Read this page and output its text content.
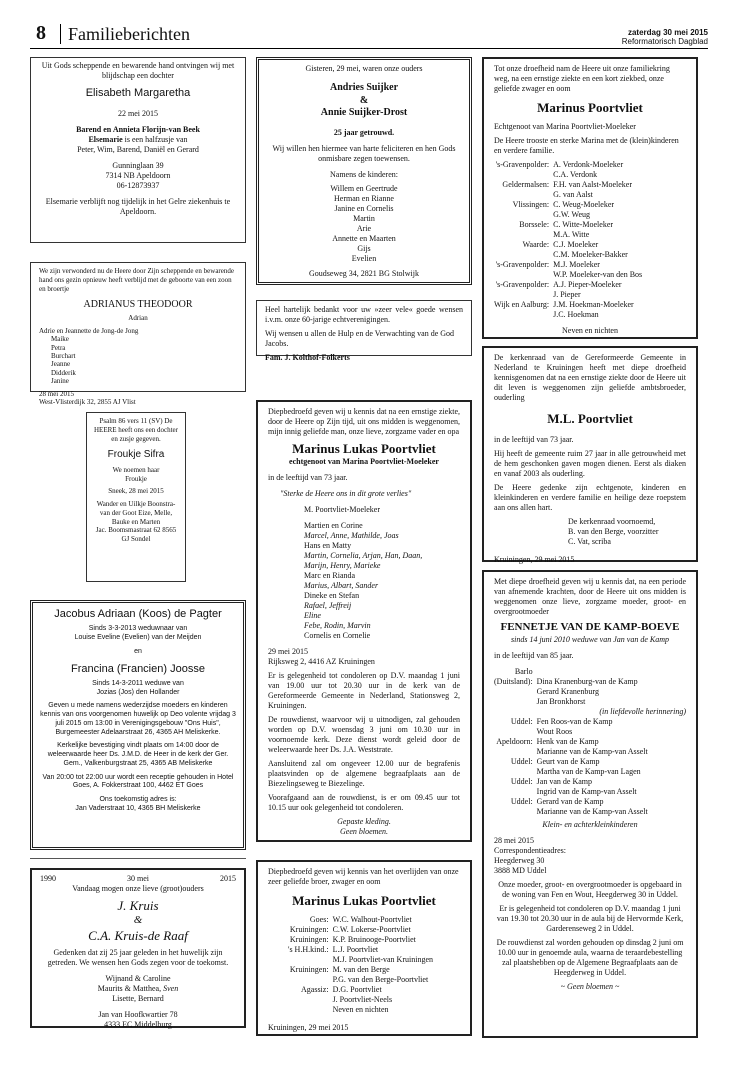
8 Familieberichten	zaterdag 30 mei 2015
Reformatorisch Dagblad
Uit Gods scheppende en bewarende hand ontvingen wij met blijdschap een dochter
Elisabeth Margaretha
22 mei 2015
Barend en Annieta Florijn-van Beek
Elsemarie is een halfzusje van
Peter, Wim, Barend, Daniël en Gerard
Gunninglaan 39
7314 NB Apeldoorn
06-12873937
Elsemarie verblijft nog tijdelijk in het Gelre ziekenhuis te Apeldoorn.
We zijn verwonderd nu de Heere door Zijn scheppende en bewarende hand ons gezin opnieuw heeft verblijd met de geboorte van een zoon en broertje
ADRIANUS THEODOOR
Adrian
Adrie en Jeannette de Jong-de Jong
Maike
Petra
Burchart
Jeanne
Didderik
Janine
28 mei 2015
West-Vlisterdijk 32, 2855 AJ Vlist
Psalm 86 vers 11 (SV) De HEERE heeft ons een dochter en zusje gegeven.
Froukje Sifra
We noemen haar
Froukje
Sneek, 28 mei 2015
Wander en Uilkje Boonstra-van der Goot Eize, Melle, Bauke en Marten
Jac. Boomsmastraat 62 8565 GJ Sondel
Jacobus Adriaan (Koos) de Pagter
Sinds 3-3-2013 weduwnaar van
Louise Eveline (Evelien) van der Meijden
en
Francina (Francien) Joosse
Sinds 14-3-2011 weduwe van
Jozias (Jos) den Hollander
Geven u mede namens wederzijdse moeders en kinderen kennis van ons voorgenomen huwelijk op Deo volente vrijdag 3 juli 2015 om 13:00 in Verenigingsgebouw "Ons Huis", Burgemeester Adelaarstraat 26, 4365 AH Meliskerke.
Kerkelijke bevestiging vindt plaats om 14:00 door de weleerwaarde heer Ds. J.M.D. de Heer in de kerk der Ger. Gem., Valkenburgstraat 25, 4365 AB Meliskerke
Van 20:00 tot 22:00 uur wordt een receptie gehouden in Hotel Goes, A. Fokkerstraat 100, 4462 ET Goes
Ons toekomstig adres is:
Jan Vaderstraat 10, 4365 BH Meliskerke
1990	30 mei	2015
Vandaag mogen onze lieve (groot)ouders
J. Kruis
&
C.A. Kruis-de Raaf
Gedenken dat zij 25 jaar geleden in het huwelijk zijn getreden. We wensen hen Gods zegen voor de toekomst.
Wijnand & Caroline
Maurits & Matthea, Sven
Lisette, Bernard
Jan van Hoofkwartier 78
4333 EC Middelburg
Gisteren, 29 mei, waren onze ouders
Andries Suijker
&
Annie Suijker-Drost
25 jaar getrouwd.
Wij willen hen hiermee van harte feliciteren en hen Gods onmisbare zegen toewensen.
Namens de kinderen:
Willem en Geertrude
Herman en Rianne
Janine en Cornelis
Martin
Arie
Annette en Maarten
Gijs
Evelien
Goudseweg 34, 2821 BG Stolwijk
Heel hartelijk bedankt voor uw »zeer vele« goede wensen i.v.m. onze 60-jarige echtverenigingen.
Wij wensen u allen de Hulp en de Verwachting van de God Jacobs.
Fam. J. Kolthof-Folkerts
Diepbedroefd geven wij u kennis dat na een ernstige ziekte, door de Heere op Zijn tijd, uit ons midden is weggenomen, mijn innig geliefde man, onze lieve, zorgzame vader en opa
Marinus Lukas Poortvliet
echtgenoot van Marina Poortvliet-Moeleker
in de leeftijd van 73 jaar.
"Sterke de Heere ons in dit grote verlies"
M. Poortvliet-Moeleker
Martien en Corine
Marcel, Anne, Mathilde, Joas
Hans en Matty
Martin, Cornelia, Arjan, Han, Daan,
Marijn, Henry, Marieke
Marc en Rianda
Marius, Albart, Sander
Dineke en Stefan
Rafael, Jeffreij
Eline
Febe, Rodin, Marvin
Cornelis en Cornelie
29 mei 2015
Rijksweg 2, 4416 AZ Kruiningen
Er is gelegenheid tot condoleren op D.V. maandag 1 juni van 19.00 uur tot 20.30 uur in de kerk van de Gereformeerde Gemeente in Nederland, Stationsweg 2, Kruiningen.
De rouwdienst, waarvoor wij u uitnodigen, zal gehouden worden op D.V. woensdag 3 juni om 10.30 uur in voornoemde kerk. Deze dienst wordt geleid door de weleerwaarde heer Ds. J.A. Weststrate.
Aansluitend zal om ongeveer 12.00 uur de begrafenis plaatsvinden op de algemene begraafplaats aan de Biezelingseweg te Biezelinge.
Voorafgaand aan de rouwdienst, is er om 09.45 uur tot 10.15 uur ook gelegenheid tot condoleren.
Gepaste kleding.
Geen bloemen.
Diepbedroefd geven wij kennis van het overlijden van onze zeer geliefde broer, zwager en oom
Marinus Lukas Poortvliet
Goes: W.C. Walhout-Poortvliet
Kruiningen: C.W. Lokerse-Poortvliet
Kruiningen: K.P. Bruinooge-Poortvliet
's H.H.kind.: L.J. Poortvliet
M.J. Poortvliet-van Kruiningen
Kruiningen: M. van den Berge
P.G. van den Berge-Poortvliet
Agassiz: D.G. Poortvliet
J. Poortvliet-Neels
Neven en nichten
Kruiningen, 29 mei 2015
Tot onze droefheid nam de Heere uit onze familiekring weg, na een ernstige ziekte en een kort ziekbed, onze geliefde zwager en oom
Marinus Poortvliet
Echtgenoot van Marina Poortvliet-Moeleker
De Heere trooste en sterke Marina met de (klein)kinderen en verdere familie.
's-Gravenpolder: A. Verdonk-Moeleker
C.A. Verdonk
Geldermalsen: F.H. van Aalst-Moeleker
G. van Aalst
Vlissingen: C. Weug-Moeleker
G.W. Weug
Borssele: C. Witte-Moeleker
M.A. Witte
Waarde: C.J. Moeleker
C.M. Moeleker-Bakker
's-Gravenpolder: M.J. Moeleker
W.P. Moeleker-van den Bos
's-Gravenpolder: A.J. Pieper-Moeleker
J. Pieper
Wijk en Aalburg: J.M. Hoekman-Moeleker
J.C. Hoekman
Neven en nichten
De kerkenraad van de Gereformeerde Gemeente in Nederland te Kruiningen heeft met diepe droefheid kennisgenomen dat na een ernstige ziekte door de Heere uit dit leven is weggenomen zijn geliefde ambtsbroeder, ouderling
M.L. Poortvliet
in de leeftijd van 73 jaar.
Hij heeft de gemeente ruim 27 jaar in alle getrouwheid met de hem geschonken gaven mogen dienen. Eerst als diaken en vanaf 2003 als ouderling.
De Heere gedenke zijn echtgenote, kinderen en kleinkinderen en verdere familie en heilige deze roepstem aan ons allen hart.
De kerkenraad voornoemd,
B. van den Berge, voorzitter
C. Vat, scriba
Kruiningen, 29 mei 2015
Met diepe droefheid geven wij u kennis dat, na een periode van afnemende krachten, door de Heere uit ons midden is weggenomen onze lieve, zorgzame moeder, groot- en overgrootmoeder
FENNETJE VAN DE KAMP-BOEVE
sinds 14 juni 2010 weduwe van Jan van de Kamp
in de leeftijd van 85 jaar.
Barlo
(Duitsland): Dina Kranenburg-van de Kamp
Gerard Kranenburg
Jan Bronkhorst
(in liefdevolle herinnering)
Uddel: Fen Roos-van de Kamp
Wout Roos
Apeldoorn: Henk van de Kamp
Marianne van de Kamp-van Asselt
Uddel: Geurt van de Kamp
Martha van de Kamp-van Lagen
Uddel: Jan van de Kamp
Ingrid van de Kamp-van Asselt
Uddel: Gerard van de Kamp
Marianne van de Kamp-van Asselt
Klein- en achterkleinkinderen
28 mei 2015
Correspondentieadres:
Heegderweg 30
3888 MD Uddel
Onze moeder, groot- en overgrootmoeder is opgebaard in de woning van Fen en Wout, Heegderweg 30 in Uddel.
Er is gelegenheid tot condoleren op D.V. maandag 1 juni van 19.30 tot 20.30 uur in de aula bij de Hervormde Kerk, Garderenseweg 2 in Uddel.
De rouwdienst zal worden gehouden op dinsdag 2 juni om 10.00 uur in genoemde aula, waarna de teraardebestelling zal plaatshebben op de Algemene Begraafplaats aan de Heegderweg in Uddel.
~ Geen bloemen ~
